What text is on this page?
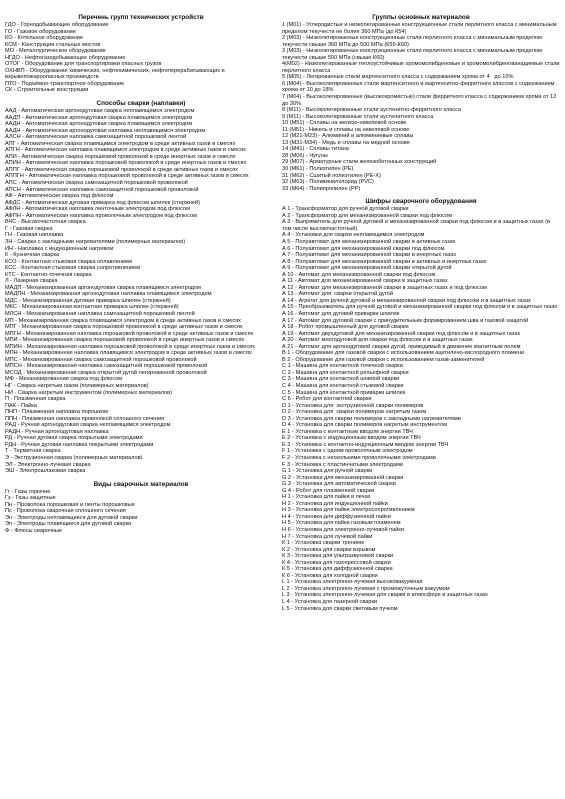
Перечень групп технических устройств
ГДО - Горнодобывающее оборудование
ГО - Газовое оборудование
КО - Котельное оборудование
КСМ - Конструкции стальных мостов
МО - Металлургическое оборудование
НГДО - Нефтегазодобывающее оборудование
ОТОГ - Оборудование для транспортировки опасных грузов
ОХНВП - Оборудование химических, нефтехимических, нефтеперерабатывающих и взрывопожароопасных производств
ПТО - Подъёмно-транспортное оборудование
СК - Строительные конструкции
Способы сварки (наплавки)
ААД - Автоматическая аргонодуговая сварка неплавящимся электродом
ААДП - Автоматическая аргонодуговая сварка плавящимся электродом
ААДН - Автоматическая аргонодуговая сварка плавящимся электродом
ААДН - Автоматическая аргонодуговая наплавка неплавящимся электродом
АЛСН - Автоматическая наплавка самозащитной порошковой лентой
АПГ - Автоматическая сварка плавящимся электродом в среде активных газов и смесях
АПГН - Автоматическая наплавка плавящимся электродом в среде активных газов и смесях
АПИ - Автоматическая сварка порошковой проволокой в среде инертных газов и смесях
АПИН - Автоматическая наплавка порошковой проволокой в среде инертных газов и смесях
АППГ - Автоматическая сварка порошковой проволокой в среде активных газов и смесях
АППГН - Автоматическая наплавка порошковой проволокой в среде активных газов и смесях
АПС - Автоматическая сварка самозащитной порошковой проволокой
АПСН - Автоматическая наплавка самозащитной порошковой проволокой
АФ - Автоматическая сварка под флюсом
АФДС - Автоматическая дуговая приварка под флюсом шпилек (стержней)
АФЛН - Автоматическая наплавка ленточным электродом под флюсом
АФПН - Автоматическая наплавка проволочным электродом под флюсом
ВЧС - Высокочастотная сварка
Г - Газовая сварка
ГН - Газовая наплавка
ЗН - Сварка с закладными нагревателями (полимерных материалов)
ИН - Наплавка с индукционным нагревом
К - Кузнечная сварка
КСО - Контактная стыковая сварка оплавлением
КСС - Контактная стыковая сварка сопротивлением
КТС - Контактно-точечная сварка
Л - Лазерная сварка
МАДП - Механизированная аргонодуговая сварка плавящимся электродом
МАДПН - Механизированная аргонодуговая наплавка плавящимся электродом
МДС - Механизированная дуговая приварка шпилек (стержней)
МКС - Механизированная контактная приварка шпилек (стержней)
МЛСН - Механизированная наплавка самозащитной порошковой лентой
МП - Механизированная сварка плавящимся электродом в среде активных газов и смесях
МПГ - Механизированная сварка порошковой проволокой в среде активных газов и смесях
МПГН - Механизированная наплавка порошковой проволокой в среде активных газов и смесях
МПИ - Механизированная сварка порошковой проволокой в среде инертных газов и смесях
МПИН - Механизированная наплавка порошковой проволокой в среде инертных газов и смесях
МПН - Механизированная наплавка плавящимся электродом в среде активных газов и смесях
МПС - Механизированная сварка самозащитной порошковой проволокой
МПСН - Механизированная наплавка самозащитной порошковой проволокой
МСОД - Механизированная сварка открытой дугой легированной проволокой
МФ - Механизированная сварка под флюсом
НГ - Сварка нагретым газом (полимерных материалов)
НИ - Сварка нагретым инструментом (полимерных материалов)
П - Плазменная сварка
ПАК - Пайка
ПНП - Плазменная наплавка порошком
ППН - Плазменная наплавка проволокой сплошного сечения
РАД - Ручная аргонодуговая сварка неплавящимся электродом
РАДН - Ручная аргонодуговая наплавка
РД - Ручная дуговая сварка покрытыми электродами
РДН - Ручная дуговая наплавка покрытыми электродами
Т - Термитная сварка
Э - Экструзионная сварка (полимерных материалов)
ЭЛ - Электронно-лучевая сварка
ЭШ - Электрошлаковая сварка
Виды сварочных материалов
Гг - Газы горючие
Гз - Газы защитные
Пн - Проволока порошковая и ленты порошковые
Пс - Проволока сварочная сплошного сечения
Эн - Электроды неплавящиеся для дуговой сварки
Эп - Электроды плавящиеся для дуговой сварки
Ф - Флюсы сварочные
Группы основных материалов
1 (М01) - Углеродистые и низколегированные конструкционные стали перлитного класса с минимальным пределом текучести не более 360 МПа (до К54)
2 (М03) - Низколегированные конструкционные стали перлитного класса с минимальным пределом текучести свыше 360 МПа до 500 МПа (К55-К60)
3 (М03) - Низколегированные конструкционные стали перлитного класса с минимальным пределом текучести свыше 500 МПа (свыше К60)
4(М02) - Низколегированные теплоустойчивые хромомолибденовые и хромомолибденованадиевые стали перлитного класса
5 (М05) - Легированные стали мартенситного класса с содержанием хрома от 4   до 10%
6 (М04) - Высоколегированные стали мартенситного и мартенситно-ферритного классов с содержанием хрома от 10 до 18%
7 (М04) - Высоколегированные (высокохромистые) стали ферритного класса с содержанием хрома от 12 до 30%
8 (М11) - Высоколегированные стали аустенитно-ферритного класса
9 (М11) - Высоколегированные стали аустенитного класса
10 (М51) - Сплавы на железо-никелевой основе
11 (М51) - Никель и сплавы на никелевой основе
12 (М21-М23) - Алюминий и алюминиевые сплавы
13 (М31-М34) - Медь и сплавы на медной основе
14 (М41) - Сплавы титана
28 (М06) - Чугуны
29 (М07) - Арматурные стали железобетонных конструкций
30 (М61) - Полиэтилен (PE)
31 (М62) - Сшитый полиэтилен (PE-X)
32 (М63) - Поливинилхлорид (PVC)
33 (М64) - Полипропилен (PP)
Шифры сварочного оборудования
А 1 - Трансформатор для ручной дуговой сварки
А 2 - Трансформатор для механизированной сварки под флюсом
А 3 - Выпрямитель для ручной дуговой и механизированной сварки под флюсом и в защитных газах (в том числе высокочастотный)
А 4 - Установки для сварки неплавящимся электродом
А 5 - Полуавтомат для механизированной сварки в активных газах
А 6 - Полуавтомат для механизированной сварки под флюсом
А 7 - Полуавтомат для механизированной сварки в инертных газах
А 8 - Полуавтомат для механизированной сварки в активных и инертных газах
А 9 - Полуавтомат для механизированной сварки открытой дугой
А 10 - Автомат для механизированной сварки под флюсом
А 11 - Автомат для механизированной сварки в защитных газах
А 12 - Автомат для механизированной сварки в защитных газах и под флюсом
А 13 - Автомат для  сварки открытой дугой
А 14 - Агрегат для ручной дуговой и механизированной сварки под флюсом и в защитных газах
А 15 - Преобразователь для ручной дуговой и механизированной сварки под флюсом и в защитных газах
А 16 - Автомат для дуговой приварки шпилек
А 17 - Автомат для дуговой сварки с принудительным формированием шва и газовой защитой
А 18 - Робот промышленный для дуговой сварки
А 19 - Автомат двухдуговой для механизированной сварки под флюсом и в защитных газах
А 20 - Автомат многодуговой для сварки под флюсом и в защитных газах
А 21 - Автомат для аргонодуговой сварки дугой, приводимый в движение магнитным полем
В 1 - Оборудование для газовой сварки с использованием ацетилено-кислородного пламени
В 2 - Оборудование для газовой сварки с использованием газов-заменителей
С 1 - Машина для контактной точечной сварки
С 2 - Машина для контактной рельефной сварки
С 3 - Машина для контактной шовной сварки
С 4 - Машина для контактной стыковой сварки
С 5 - Машина для контактной приварки шпилек
С 6 - Робот для контактной сварки
D 1 - Установка для  экструзионной сварки полимеров
D 2 - Установка для  сварки полимеров нагретым газом
D 3 - Установка для сварки полимеров с закладными нагревателями
D 4 - Установка для сварки полимеров нагретым инструментом
Е 1 - Установка с контактным вводом энергии ТВЧ
Е 2 - Установка с индукционным вводом энергии ТВЧ
Е 3 - Установка с контактно-индукционным вводом энергии ТВЧ
F 1 - Установка с одним проволочным электродом
F 2 - Установка с несколькими проволочными электродами
F 3 - Установка с пластинчатыми электродами
G 1 - Установка для ручной сварки
G 2 - Установка для механизированной сварки
G 3 - Установка для автоматической сварки
G 4 - Робот для плазменной сварки
Н 1 - Установка для пайки в печах
Н 2 - Установка для индукционной пайки
Н 3 - Установка для пайки электросопротивлением
Н 4 - Установка для диффузионной пайки
Н 5 - Установка для пайки газовым пламенем
Н 6 - Установка для электронно-лучевой пайки
Н 7 - Установка для лучевой пайки
К 1 - Установка сварки трением
К 2 - Установка для сварки взрывом
К 3 - Установка для ультразвуковой сварки
К 4 - Установка для газопрессовой сварки
К 5 - Установка для диффузионной сварки
К 6 - Установка для холодной сварки
L 1 - Установка электронно-лучевая высоковакуумная
L 2 - Установка электронно-лучевая с промежуточным вакуумом
L 3 - Установка электронно-лучевая для сварки в атмосфере и защитных газах
L 4 - Установка для лазерной сварки
L 5 - Установка для сварки световым пучком
